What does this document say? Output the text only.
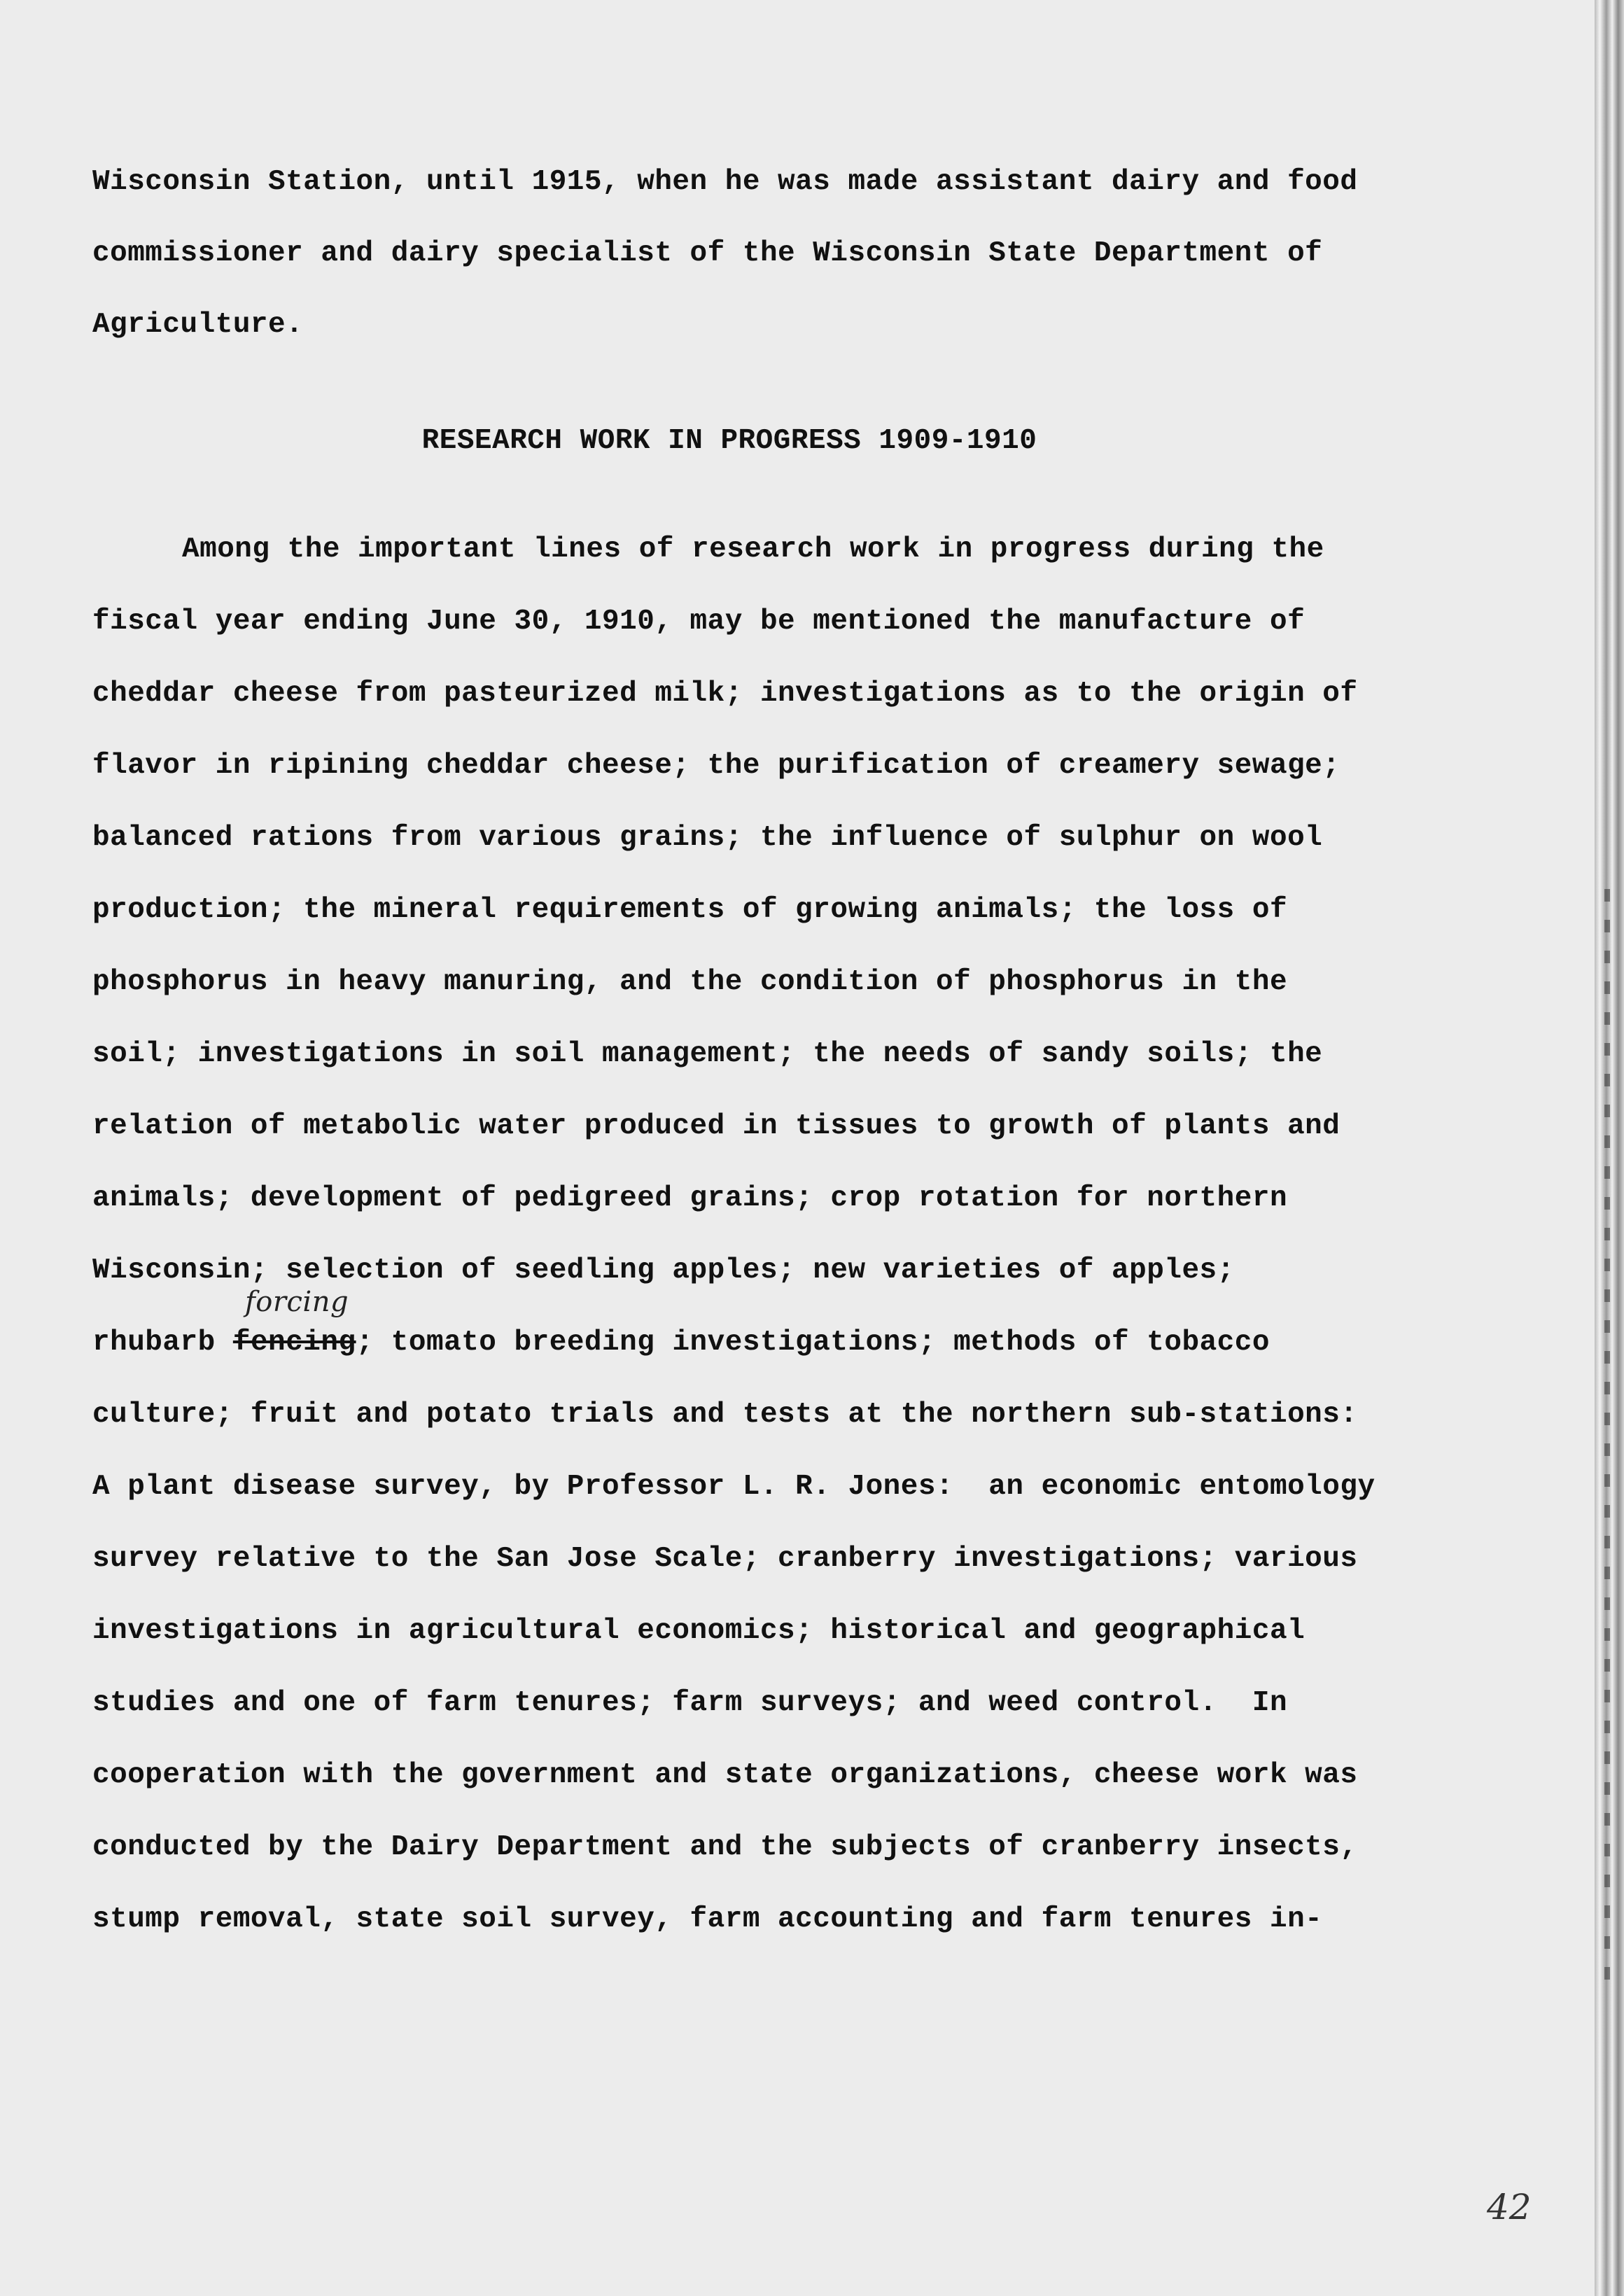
Wisconsin Station, until 1915, when he was made assistant dairy and food
commissioner and dairy specialist of the Wisconsin State Department of
Agriculture.
RESEARCH WORK IN PROGRESS 1909-1910
Among the important lines of research work in progress during the
fiscal year ending June 30, 1910, may be mentioned the manufacture of
cheddar cheese from pasteurized milk; investigations as to the origin of
flavor in ripining cheddar cheese; the purification of creamery sewage;
balanced rations from various grains; the influence of sulphur on wool
production; the mineral requirements of growing animals; the loss of
phosphorus in heavy manuring, and the condition of phosphorus in the
soil; investigations in soil management; the needs of sandy soils; the
relation of metabolic water produced in tissues to growth of plants and
animals; development of pedigreed grains; crop rotation for northern
Wisconsin; selection of seedling apples; new varieties of apples;
rhubarb fencing; tomato breeding investigations; methods of tobacco
forcing
culture; fruit and potato trials and tests at the northern sub-stations:
A plant disease survey, by Professor L. R. Jones:  an economic entomology
survey relative to the San Jose Scale; cranberry investigations; various
investigations in agricultural economics; historical and geographical
studies and one of farm tenures; farm surveys; and weed control.  In
cooperation with the government and state organizations, cheese work was
conducted by the Dairy Department and the subjects of cranberry insects,
stump removal, state soil survey, farm accounting and farm tenures in-
42
